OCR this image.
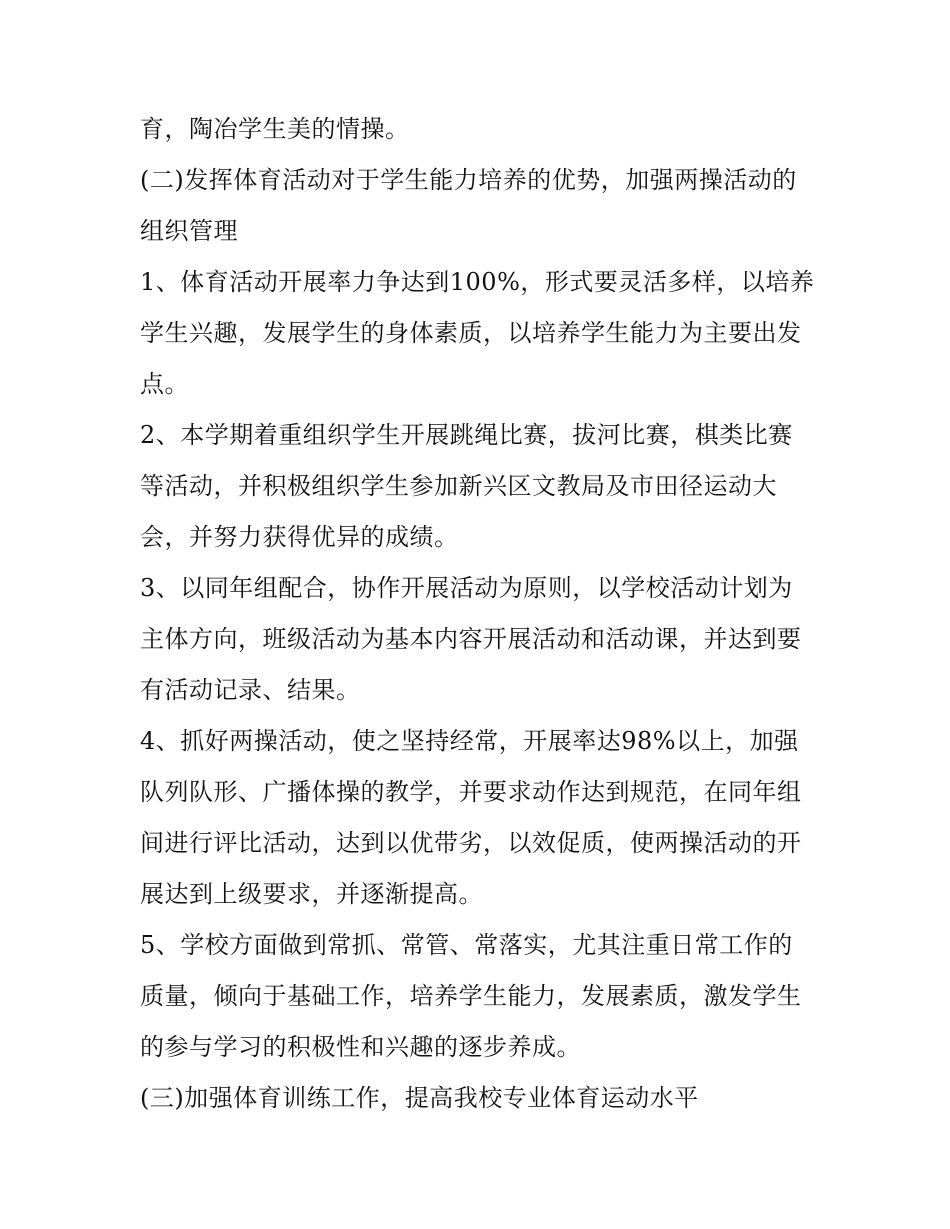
育，陶冶学生美的情操。
(二)发挥体育活动对于学生能力培养的优势，加强两操活动的
组织管理
1、体育活动开展率力争达到100%，形式要灵活多样，以培养
学生兴趣，发展学生的身体素质，以培养学生能力为主要出发
点。
2、本学期着重组织学生开展跳绳比赛，拔河比赛，棋类比赛
等活动，并积极组织学生参加新兴区文教局及市田径运动大
会，并努力获得优异的成绩。
3、以同年组配合，协作开展活动为原则，以学校活动计划为
主体方向，班级活动为基本内容开展活动和活动课，并达到要
有活动记录、结果。
4、抓好两操活动，使之坚持经常，开展率达98%以上，加强
队列队形、广播体操的教学，并要求动作达到规范，在同年组
间进行评比活动，达到以优带劣，以效促质，使两操活动的开
展达到上级要求，并逐渐提高。
5、学校方面做到常抓、常管、常落实，尤其注重日常工作的
质量，倾向于基础工作，培养学生能力，发展素质，激发学生
的参与学习的积极性和兴趣的逐步养成。
(三)加强体育训练工作，提高我校专业体育运动水平
